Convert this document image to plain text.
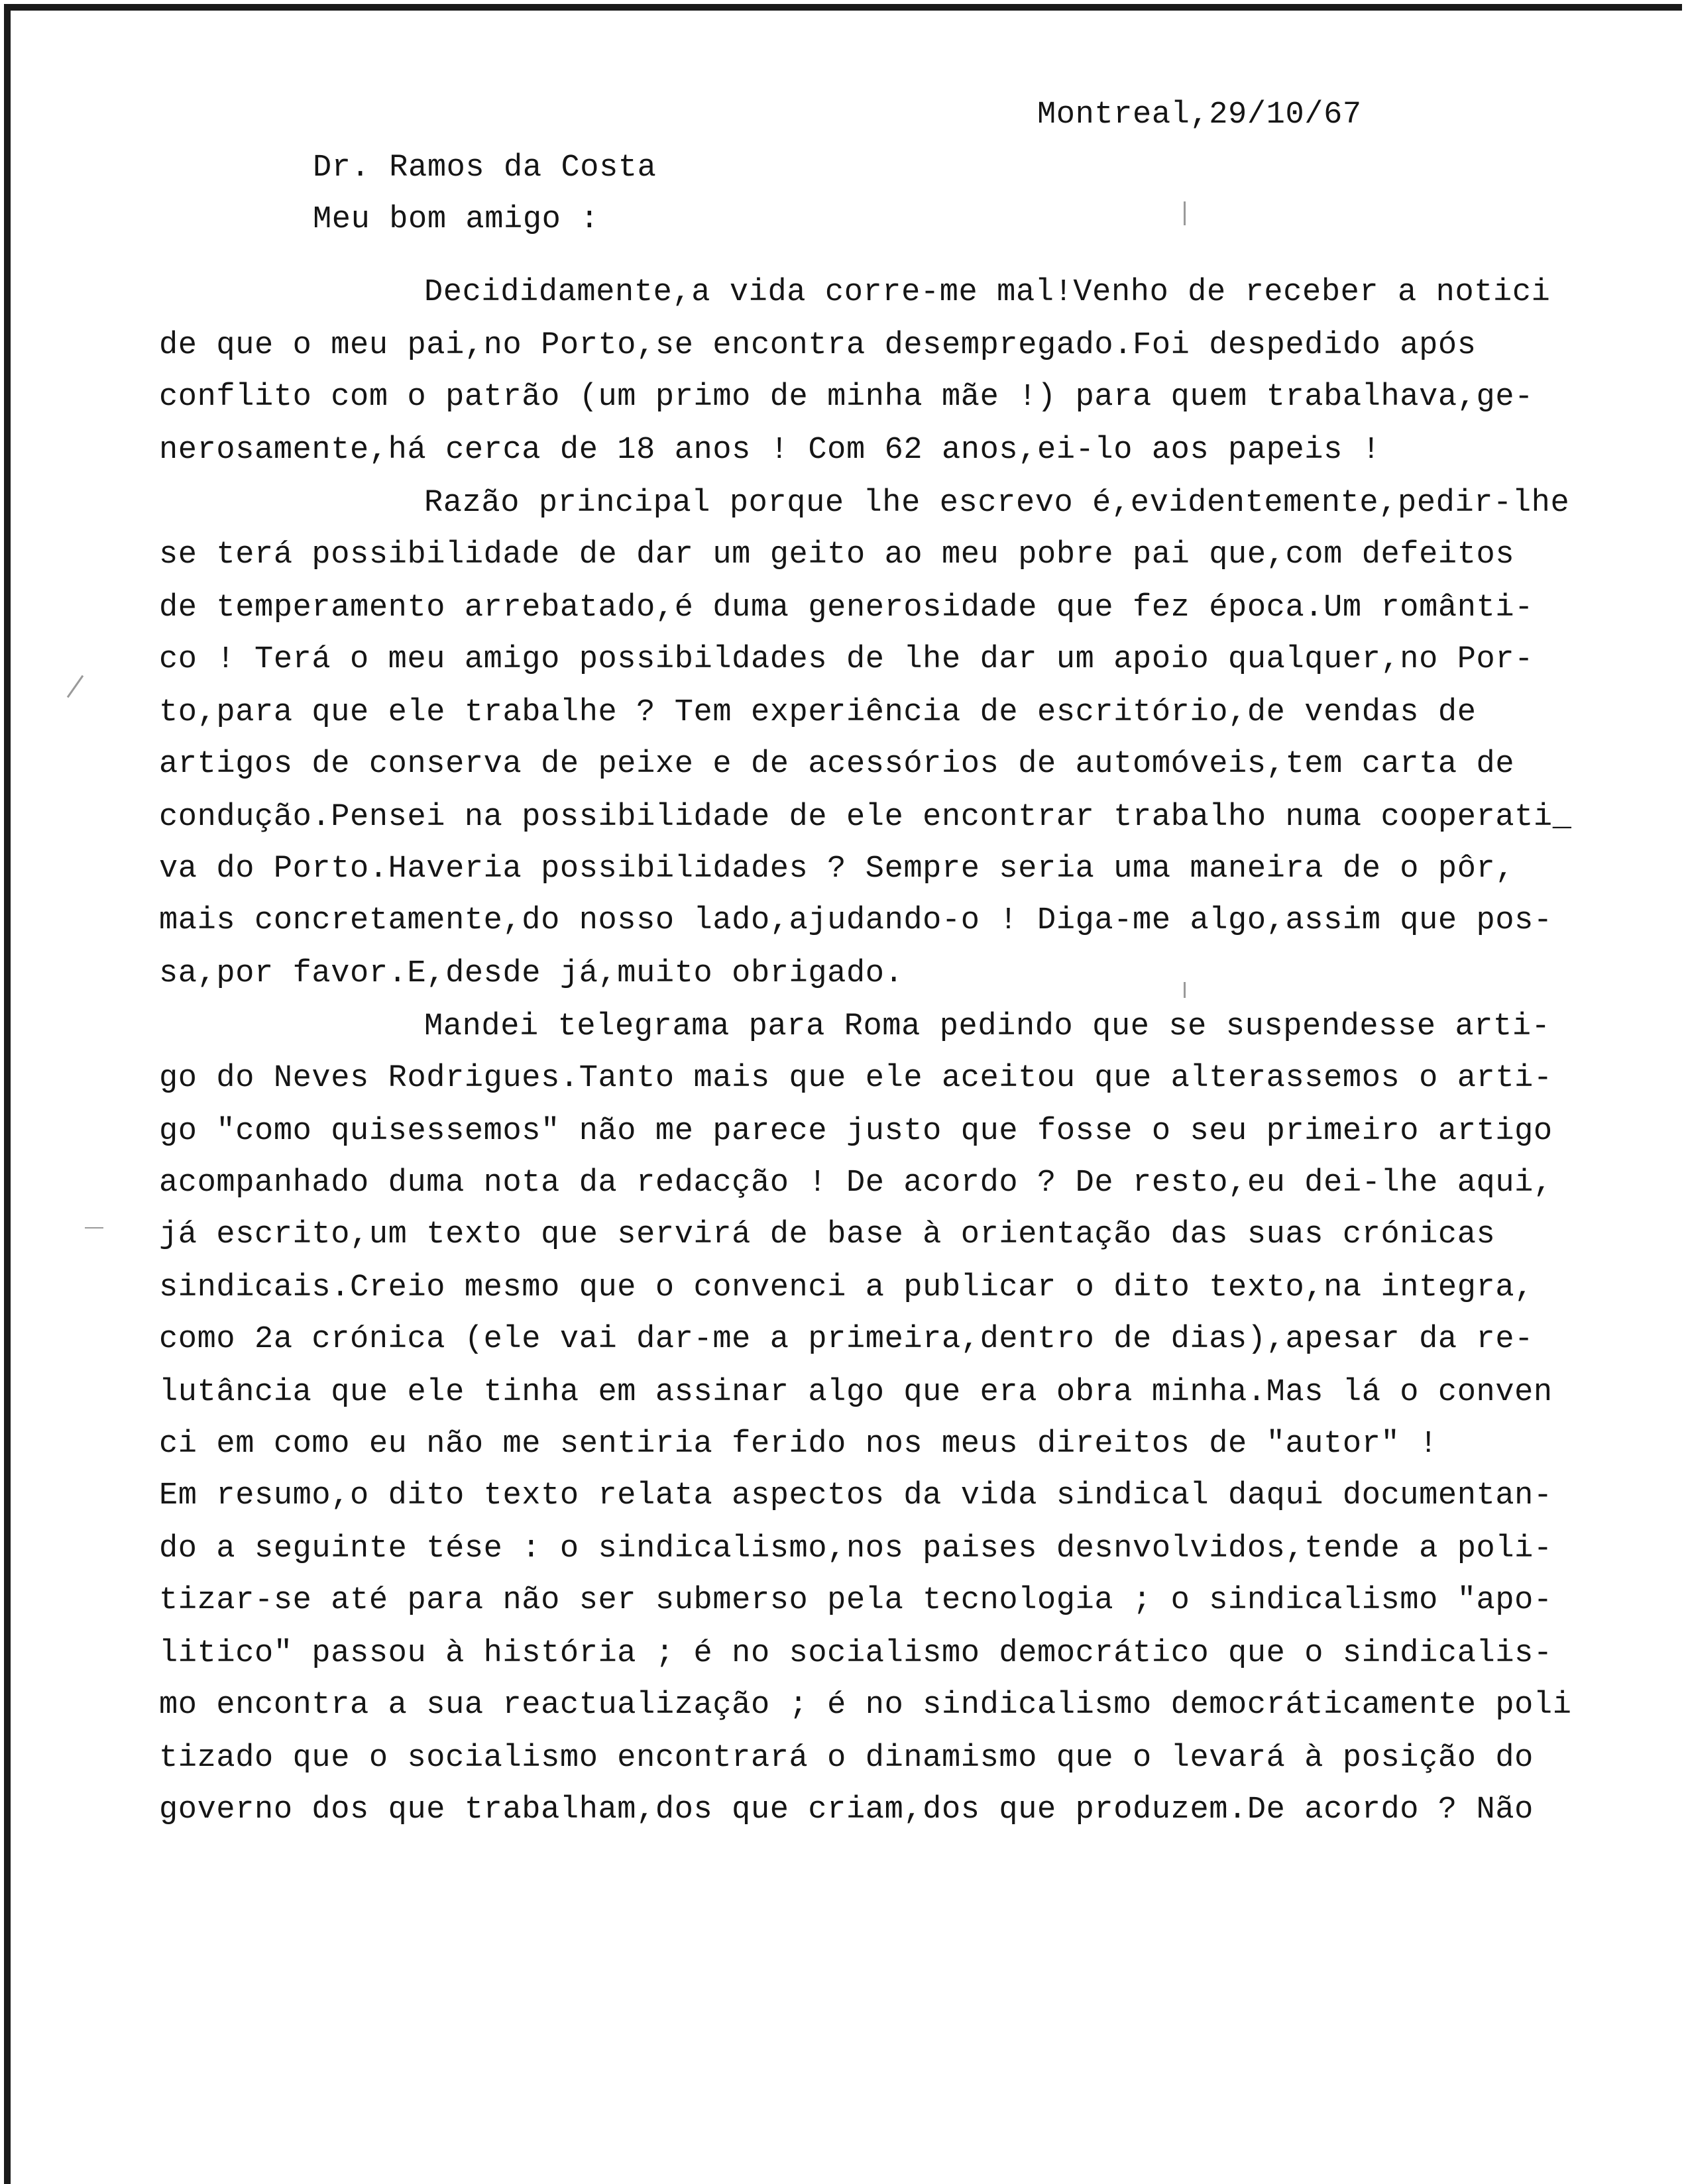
Montreal,29/10/67
Dr. Ramos da Costa
Meu bom amigo :
Decididamente,a vida corre-me mal!Venho de receber a notici
de que o meu pai,no Porto,se encontra desempregado.Foi despedido após
conflito com o patrão (um primo de minha mãe !) para quem trabalhava,ge-
nerosamente,há cerca de 18 anos ! Com 62 anos,ei-lo aos papeis !
Razão principal porque lhe escrevo é,evidentemente,pedir-lhe
se terá possibilidade de dar um geito ao meu pobre pai que,com defeitos
de temperamento arrebatado,é duma generosidade que fez época.Um românti-
co ! Terá o meu amigo possibildades de lhe dar um apoio qualquer,no Por-
to,para que ele trabalhe ? Tem experiência de escritório,de vendas de
artigos de conserva de peixe e de acessórios de automóveis,tem carta de
condução.Pensei na possibilidade de ele encontrar trabalho numa cooperati_
va do Porto.Haveria possibilidades ? Sempre seria uma maneira de o pôr,
mais concretamente,do nosso lado,ajudando-o ! Diga-me algo,assim que pos-
sa,por favor.E,desde já,muito obrigado.
Mandei telegrama para Roma pedindo que se suspendesse arti-
go do Neves Rodrigues.Tanto mais que ele aceitou que alterassemos o arti-
go "como quisessemos" não me parece justo que fosse o seu primeiro artigo
acompanhado duma nota da redacção ! De acordo ? De resto,eu dei-lhe aqui,
já escrito,um texto que servirá de base à orientação das suas crónicas
sindicais.Creio mesmo que o convenci a publicar o dito texto,na integra,
como 2a crónica (ele vai dar-me a primeira,dentro de dias),apesar da re-
lutância que ele tinha em assinar algo que era obra minha.Mas lá o conven
ci em como eu não me sentiria ferido nos meus direitos de "autor" !
Em resumo,o dito texto relata aspectos da vida sindical daqui documentan-
do a seguinte tése : o sindicalismo,nos paises desnvolvidos,tende a poli-
tizar-se até para não ser submerso pela tecnologia ; o sindicalismo "apo-
litico" passou à história ; é no socialismo democrático que o sindicalis-
mo encontra a sua reactualização ; é no sindicalismo democráticamente poli
tizado que o socialismo encontrará o dinamismo que o levará à posição do
governo dos que trabalham,dos que criam,dos que produzem.De acordo ? Não
